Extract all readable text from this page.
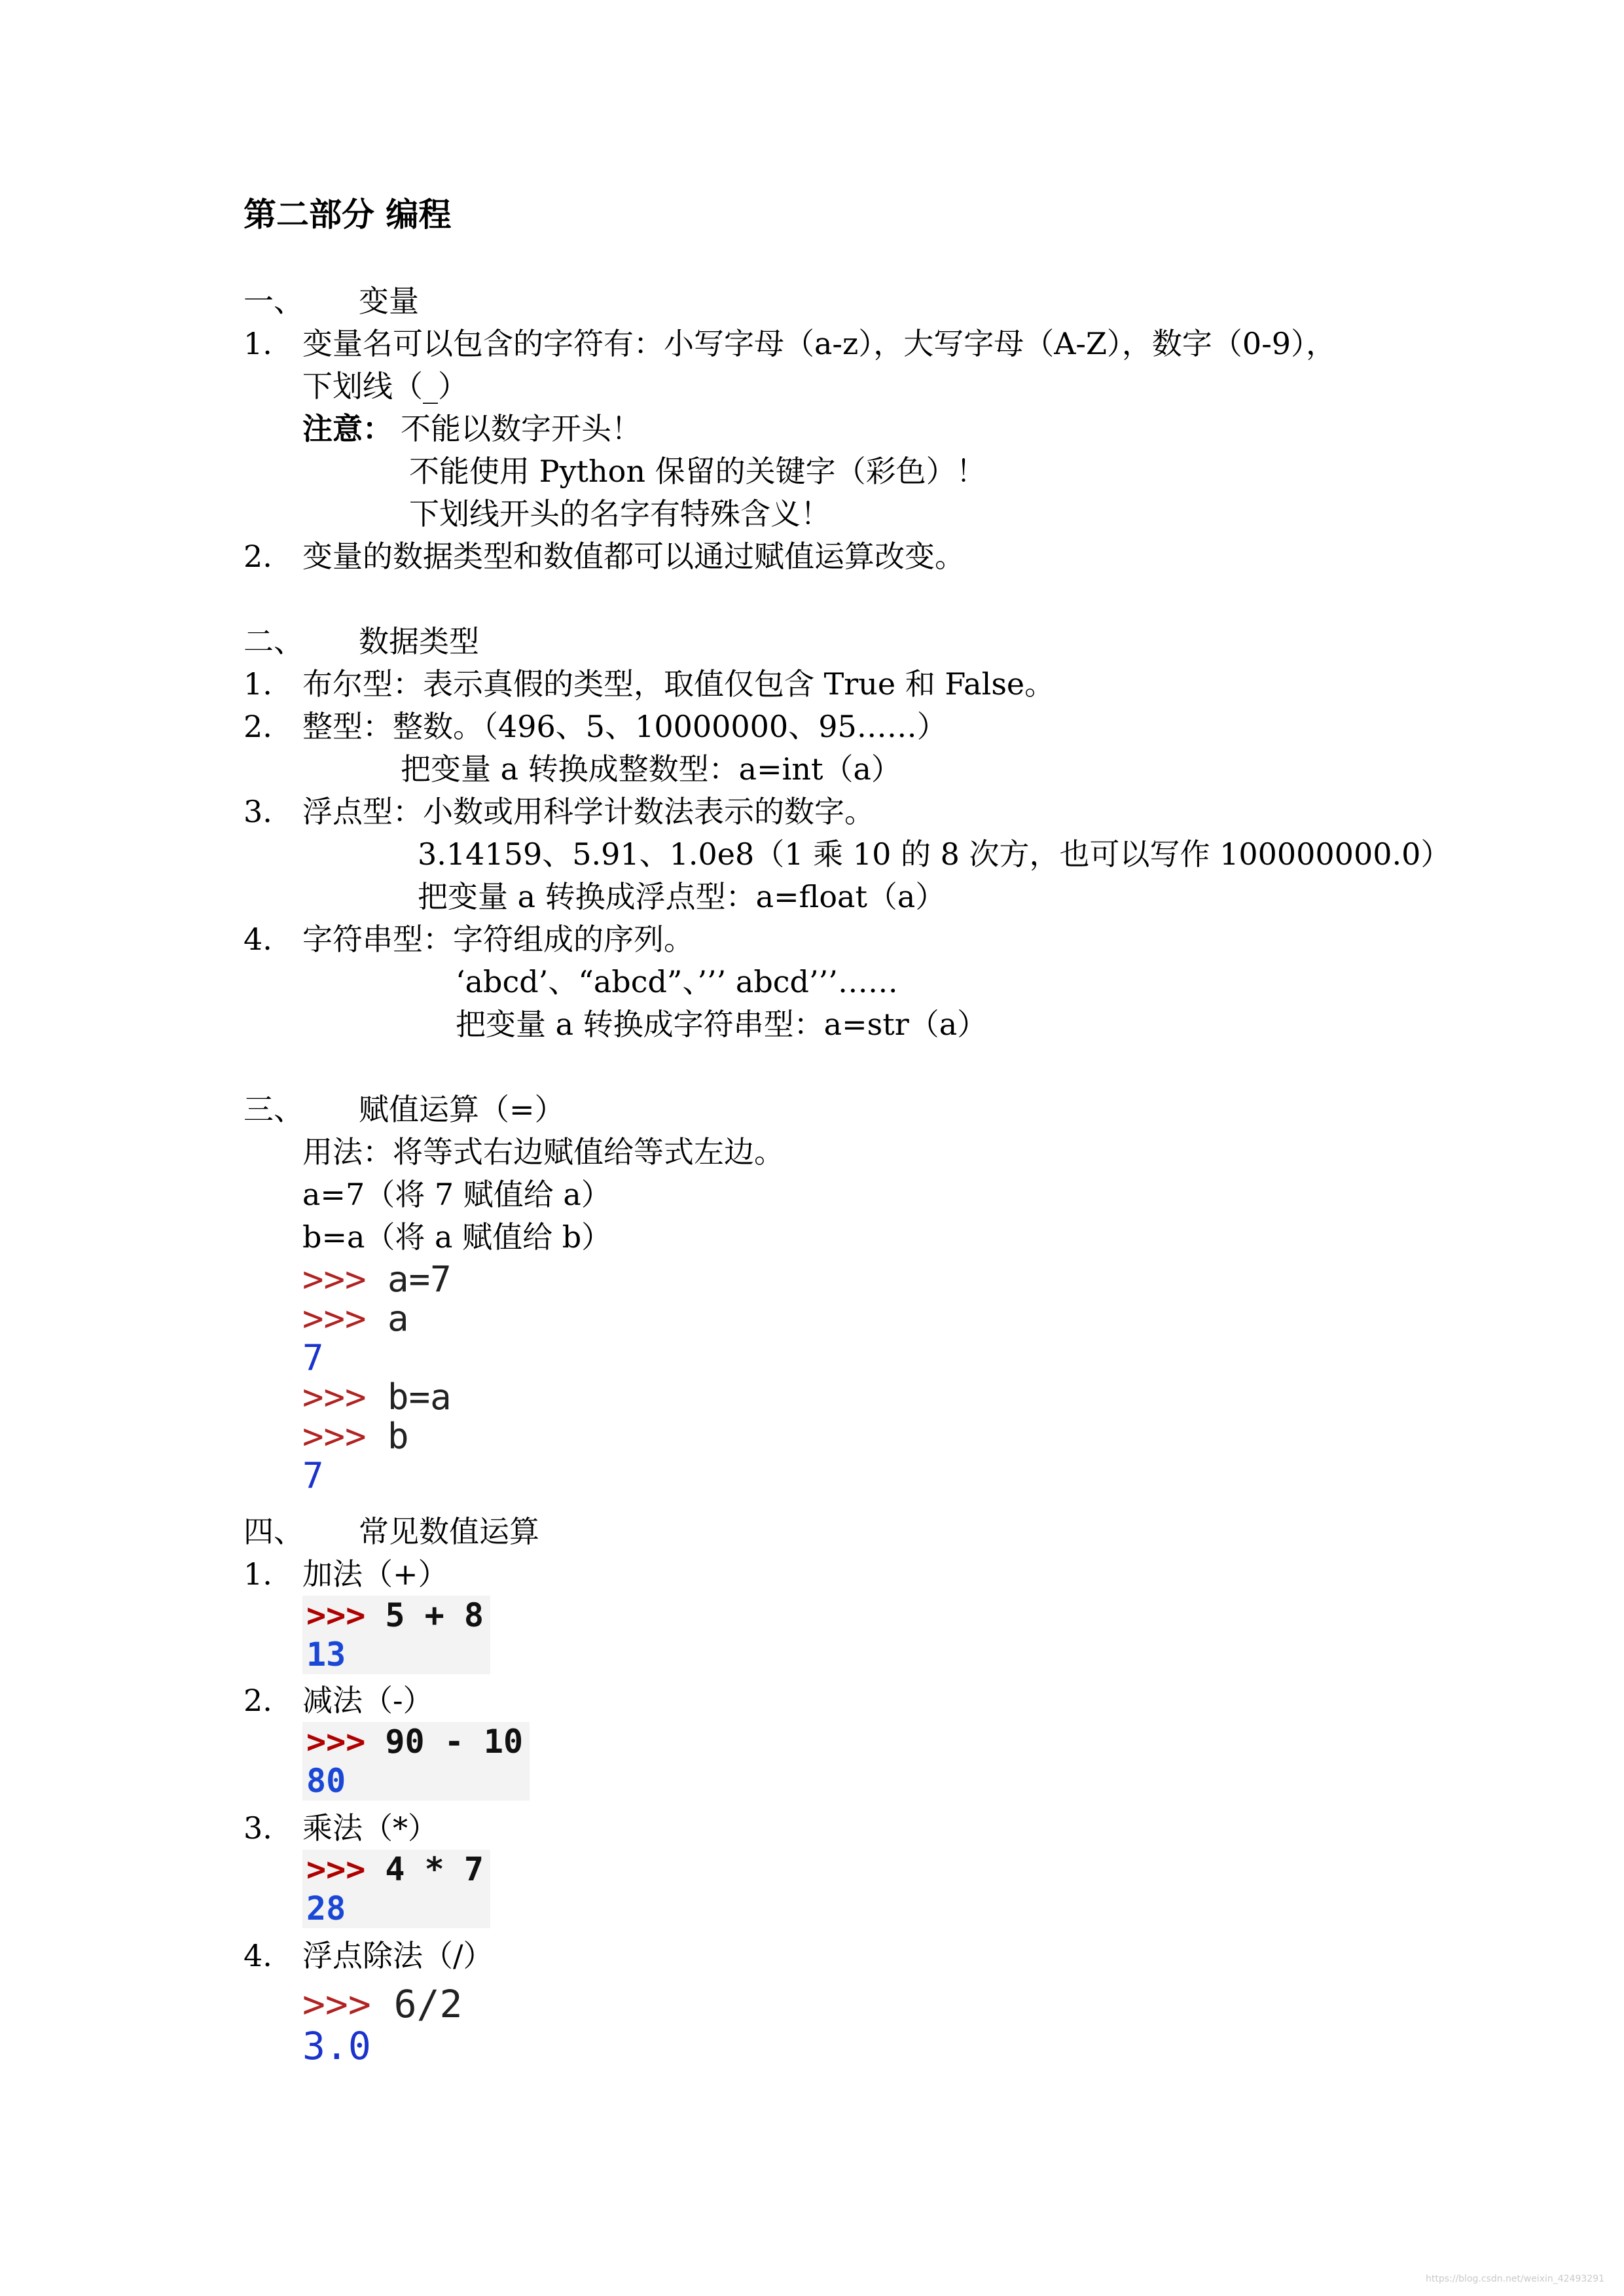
第二部分 编程
一、 变量
1. 变量名可以包含的字符有：小写字母（a-z），大写字母（A-Z），数字（0-9），
下划线（_）
注意： 不能以数字开头！
不能使用 Python 保留的关键字（彩色）！
下划线开头的名字有特殊含义！
2. 变量的数据类型和数值都可以通过赋值运算改变。
二、 数据类型
1. 布尔型：表示真假的类型，取值仅包含 True 和 False。
2. 整型：整数。（496、5、10000000、95……）
把变量 a 转换成整数型：a=int（a）
3. 浮点型：小数或用科学计数法表示的数字。
3.14159、5.91、1.0e8（1 乘 10 的 8 次方，也可以写作 100000000.0）
把变量 a 转换成浮点型：a=float（a）
4. 字符串型：字符组成的序列。
‘abcd’、“abcd”、’’’ abcd’’’……
把变量 a 转换成字符串型：a=str（a）
三、 赋值运算（=）
用法：将等式右边赋值给等式左边。
a=7（将 7 赋值给 a）
b=a（将 a 赋值给 b）
>>> a=7
>>> a
7
>>> b=a
>>> b
7
四、 常见数值运算
1. 加法（+）
>>> 5 + 8
13
2. 减法（-）
>>> 90 - 10
80
3. 乘法（*）
>>> 4 * 7
28
4. 浮点除法（/）
>>> 6/2
3.0
https://blog.csdn.net/weixin_42493291
